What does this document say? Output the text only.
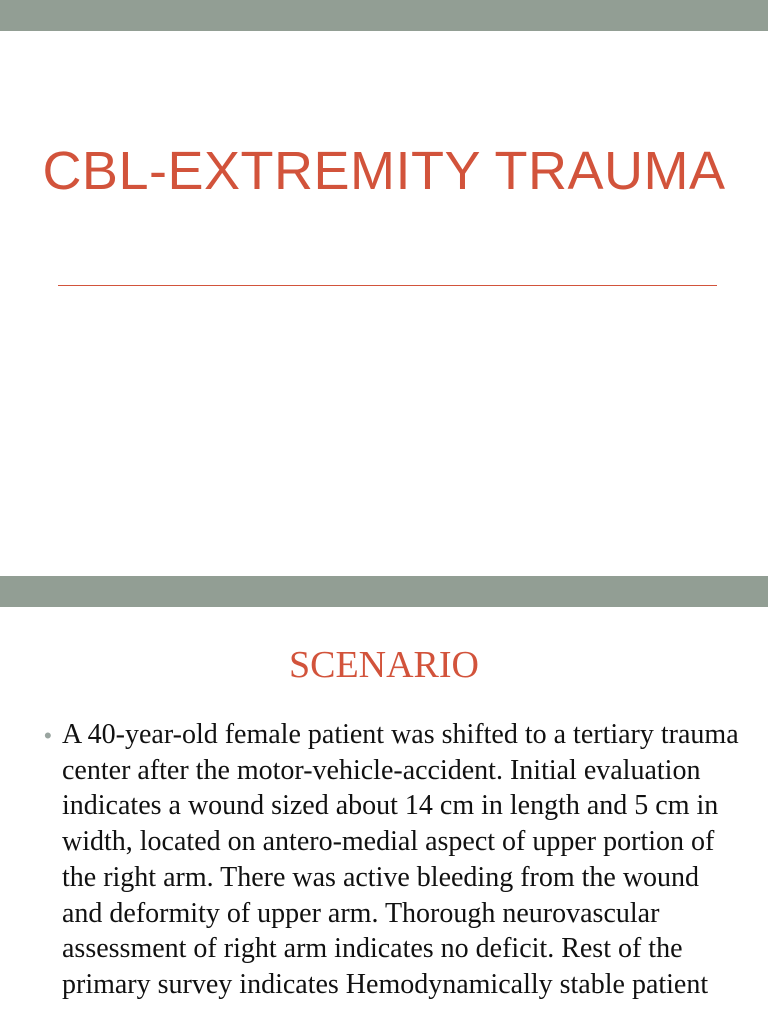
CBL-EXTREMITY TRAUMA
SCENARIO
• A 40-year-old female patient was shifted to a tertiary trauma center after the motor-vehicle-accident. Initial evaluation indicates a wound sized about 14 cm in length and 5 cm in width, located on antero-medial aspect of upper portion of the right arm. There was active bleeding from the wound and deformity of upper arm. Thorough neurovascular assessment of right arm indicates no deficit. Rest of the primary survey indicates Hemodynamically stable patient
